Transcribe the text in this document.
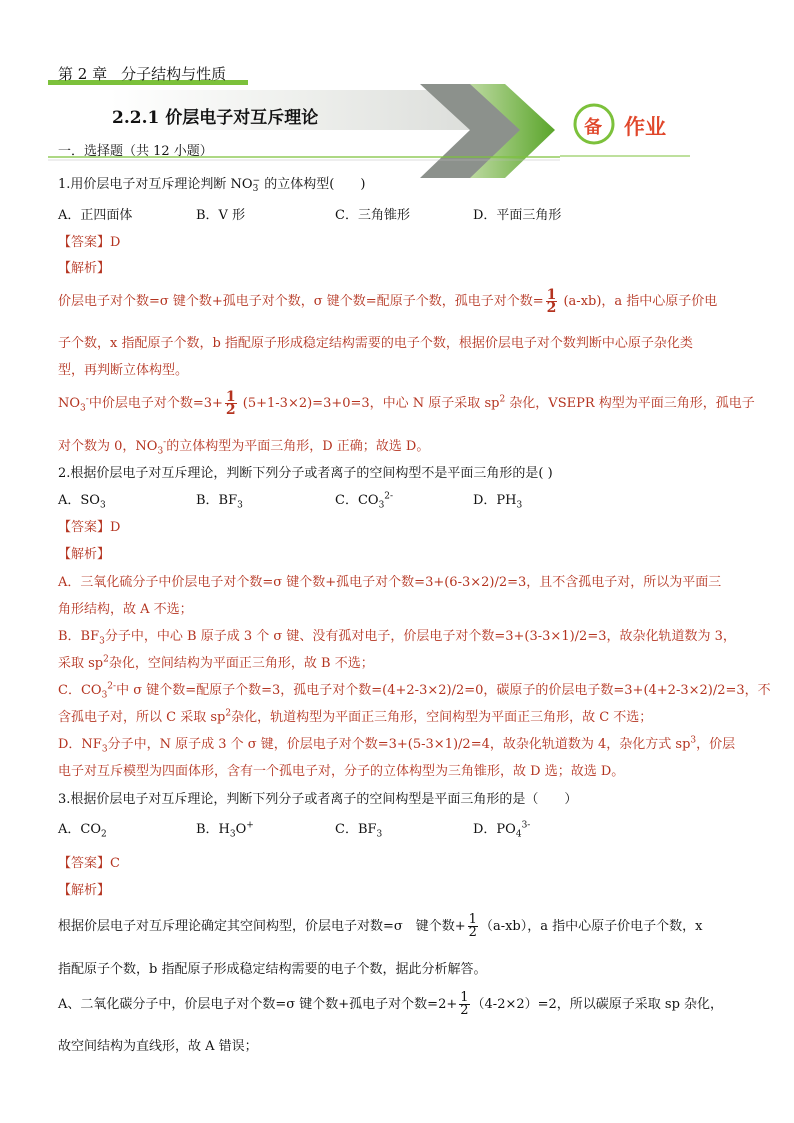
第 2 章 分子结构与性质
2.2.1 价层电子对互斥理论	备 作业
一．选择题（共 12 小题）
1.用价层电子对互斥理论判断 NO −
3 的立体构型(　　)
A．正四面体	B．V 形	C．三角锥形	D．平面三角形
【答案】D
【解析】
价层电子对个数=σ 键个数+孤电子对个数，σ 键个数=配原子个数，孤电子对个数= $\frac{1}{2} (a-xb)$，a 指中心原子价电
子个数，x 指配原子个数，b 指配原子形成稳定结构需要的电子个数，根据价层电子对个数判断中心原子杂化类
型，再判断立体构型。
$NO_3^-$中价层电子对个数$=3+ \frac{1}{2} (5+1-3\times 2)=3+0=3$，中心 N 原子采取 $sp^2$ 杂化，VSEPR 构型为平面三角形，孤电子
对个数为 0，$NO_3^-$的立体构型为平面三角形，D 正确；故选 D。
2.根据价层电子对互斥理论，判断下列分子或者离子的空间构型不是平面三角形的是( )
A．$SO_3$	B．$BF_3$	C．$CO_3^{2-}$	D．$PH_3$
【答案】D
【解析】
A．三氧化硫分子中价层电子对个数=σ 键个数+孤电子对个数=3+(6-3×2)/2=3，且不含孤电子对，所以为平面三
角形结构，故 A 不选；
B．$BF_3$分子中，中心 B 原子成 3 个 σ 键、没有孤对电子，价层电子对个数=3+(3-3×1)/2=3，故杂化轨道数为 3，
采取 $sp^2$杂化，空间结构为平面正三角形，故 B 不选；
C．$CO_3^{2-}$中 σ 键个数=配原子个数=3，孤电子对个数=(4+2-3×2)/2=0，碳原子的价层电子数=3+(4+2-3×2)/2=3，不
含孤电子对，所以 C 采取 $sp^2$杂化，轨道构型为平面正三角形，空间构型为平面正三角形，故 C 不选；
D．$NF_3$分子中，N 原子成 3 个 σ 键，价层电子对个数=3+(5-3×1)/2=4，故杂化轨道数为 4，杂化方式 $sp^3$，价层
电子对互斥模型为四面体形，含有一个孤电子对，分子的立体构型为三角锥形，故 D 选；故选 D。
3.根据价层电子对互斥理论，判断下列分子或者离子的空间构型是平面三角形的是（　　）
A．$CO_2$	B．$H_3O^+$	C．$BF_3$	D．$PO_4^{3-}$
【答案】C
【解析】
根据价层电子对互斥理论确定其空间构型，价层电子对数=σ　键个数+ $\frac{1}{2} (a-xb)$，a 指中心原子价电子个数，x
指配原子个数，b 指配原子形成稳定结构需要的电子个数，据此分析解答。
A、二氧化碳分子中，价层电子对个数=σ 键个数+孤电子对个数$=2+ \frac{1}{2} (4-2\times 2)=2$，所以碳原子采取 sp 杂化，
故空间结构为直线形，故 A 错误；
